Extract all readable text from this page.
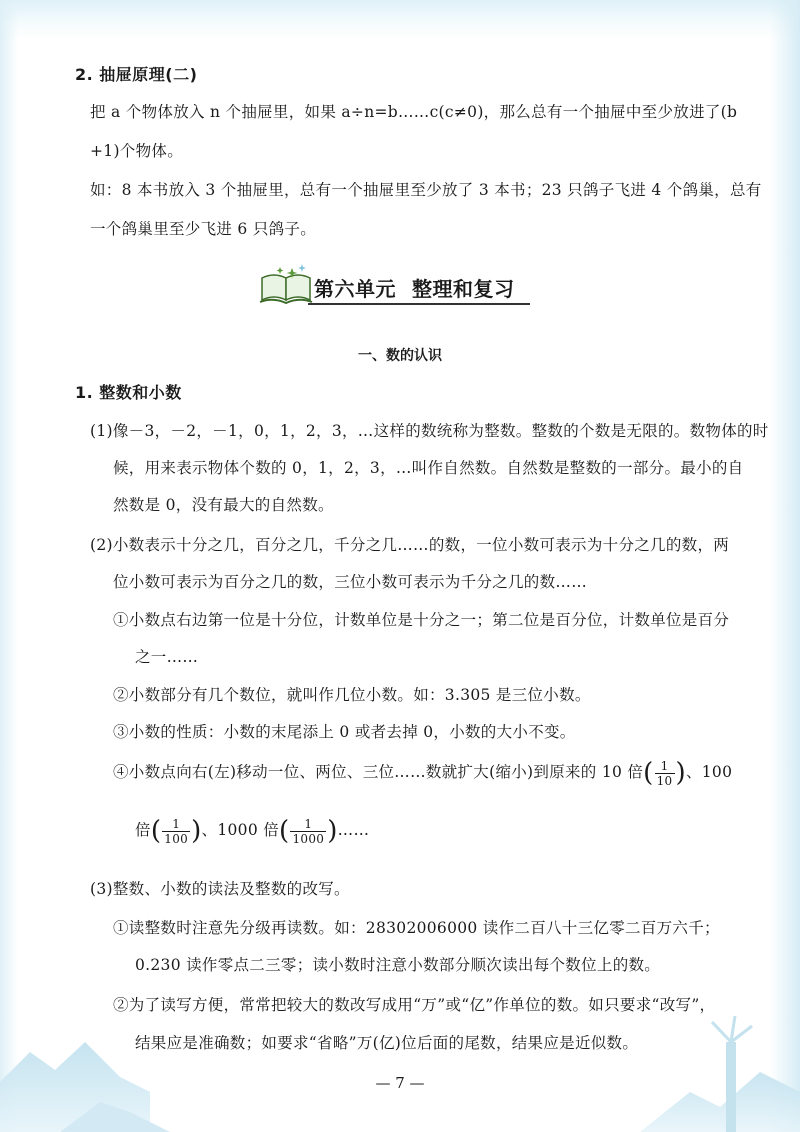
2. 抽屉原理(二)
把 a 个物体放入 n 个抽屉里，如果 a÷n=b……c(c≠0)，那么总有一个抽屉中至少放进了(b
+1)个物体。
如：8 本书放入 3 个抽屉里，总有一个抽屉里至少放了 3 本书；23 只鸽子飞进 4 个鸽巢，总有
一个鸽巢里至少飞进 6 只鸽子。
第六单元 整理和复习
一、数的认识
1. 整数和小数
(1)像－3，－2，－1，0，1，2，3，…这样的数统称为整数。整数的个数是无限的。数物体的时
候，用来表示物体个数的 0，1，2，3，…叫作自然数。自然数是整数的一部分。最小的自
然数是 0，没有最大的自然数。
(2)小数表示十分之几，百分之几，千分之几……的数，一位小数可表示为十分之几的数，两
位小数可表示为百分之几的数，三位小数可表示为千分之几的数……
①小数点右边第一位是十分位，计数单位是十分之一；第二位是百分位，计数单位是百分
之一……
②小数部分有几个数位，就叫作几位小数。如：3.305 是三位小数。
③小数的性质：小数的末尾添上 0 或者去掉 0，小数的大小不变。
④小数点向右(左)移动一位、两位、三位……数就扩大(缩小)到原来的 10 倍( $\frac{1}{10}$ )、100
倍( $\frac{1}{100}$ )、1000 倍( $\frac{1}{1000}$ )……
(3)整数、小数的读法及整数的改写。
①读整数时注意先分级再读数。如：28302006000 读作二百八十三亿零二百万六千；
0.230 读作零点二三零；读小数时注意小数部分顺次读出每个数位上的数。
②为了读写方便，常常把较大的数改写成用“万”或“亿”作单位的数。如只要求“改写”，
结果应是准确数；如要求“省略”万(亿)位后面的尾数，结果应是近似数。
— 7 —
